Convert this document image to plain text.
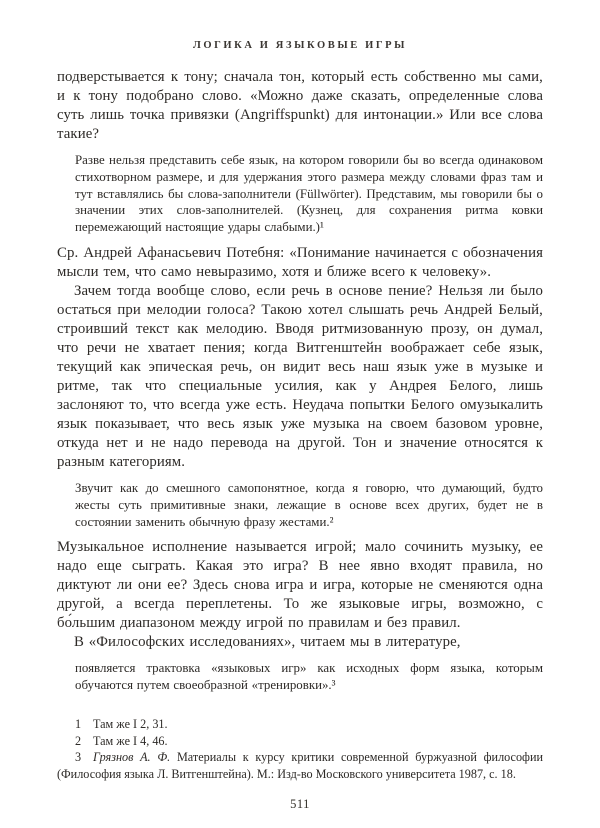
ЛОГИКА И ЯЗЫКОВЫЕ ИГРЫ

подверстывается к тону; сначала тон, который есть собственно мы сами, и к тону подобрано слово. «Можно даже сказать, определенные слова суть лишь точка привязки (Angriffspunkt) для интонации.» Или все слова такие?

Разве нельзя представить себе язык, на котором говорили бы во всегда одинаковом стихотворном размере, и для удержания этого размера между словами фраз там и тут вставлялись бы слова-заполнители (Füllwörter). Представим, мы говорили бы о значении этих слов-заполнителей. (Кузнец, для сохранения ритма ковки перемежающий настоящие удары слабыми.)¹

Ср. Андрей Афанасьевич Потебня: «Понимание начинается с обозначения мысли тем, что само невыразимо, хотя и ближе всего к человеку».

Зачем тогда вообще слово, если речь в основе пение? Нельзя ли было остаться при мелодии голоса? Такою хотел слышать речь Андрей Белый, строивший текст как мелодию. Вводя ритмизованную прозу, он думал, что речи не хватает пения; когда Витгенштейн воображает себе язык, текущий как эпическая речь, он видит весь наш язык уже в музыке и ритме, так что специальные усилия, как у Андрея Белого, лишь заслоняют то, что всегда уже есть. Неудача попытки Белого омузыкалить язык показывает, что весь язык уже музыка на своем базовом уровне, откуда нет и не надо перевода на другой. Тон и значение относятся к разным категориям.

Звучит как до смешного самопонятное, когда я говорю, что думающий, будто жесты суть примитивные знаки, лежащие в основе всех других, будет не в состоянии заменить обычную фразу жестами.²

Музыкальное исполнение называется игрой; мало сочинить музыку, ее надо еще сыграть. Какая это игра? В нее явно входят правила, но диктуют ли они ее? Здесь снова игра и игра, которые не сменяются одна другой, а всегда переплетены. То же языковые игры, возможно, с бо́льшим диапазоном между игрой по правилам и без правил.

В «Философских исследованиях», читаем мы в литературе,

появляется трактовка «языковых игр» как исходных форм языка, которым обучаются путем своеобразной «тренировки».³

1 Там же I 2, 31.

2 Там же I 4, 46.

3 Грязнов А. Ф. Материалы к курсу критики современной буржуазной философии (Философия языка Л. Витгенштейна). М.: Изд-во Московского университета 1987, с. 18.

511
